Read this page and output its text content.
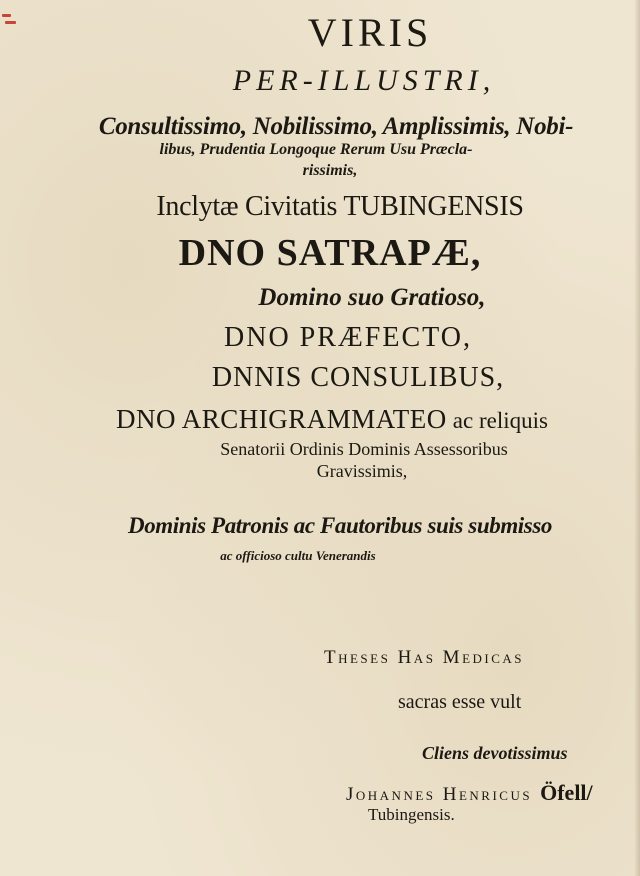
VIRIS
PER-ILLUSTRI,
Consultissimo, Nobilissimo, Amplissimis, Nobi-
libus, Prudentia Longoque Rerum Usu Præcla-
rissimis,
Inclytæ Civitatis TUBINGENSIS
DNO SATRAPÆ,
Domino suo Gratioso,
DNO PRÆFECTO,
DNNIS CONSULIBUS,
DNO ARCHIGRAMMATEO ac reliquis
Senatorii Ordinis Dominis Assessoribus
Gravissimis,
Dominis Patronis ac Fautoribus suis submisso
ac officioso cultu Venerandis
Theses Has Medicas
sacras esse vult
Cliens devotissimus
Johannes Henricus Öfell/
Tubingensis.
